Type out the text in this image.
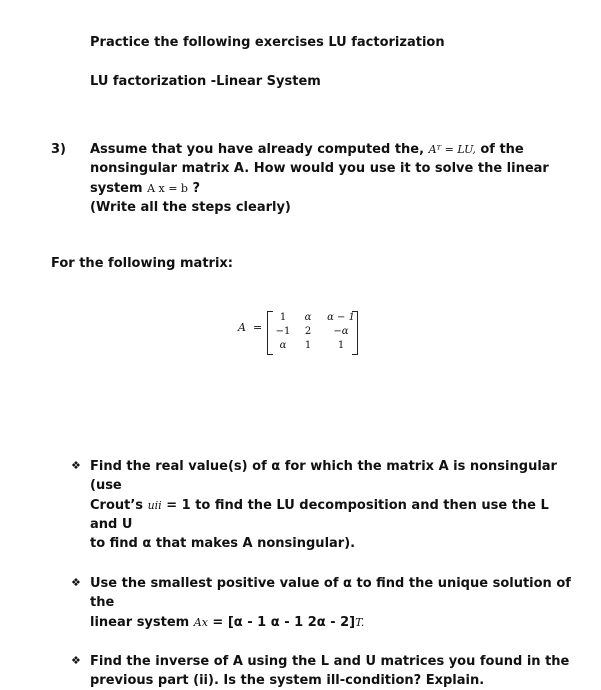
Practice the following exercises LU factorization
LU factorization -Linear System
3) Assume that you have already computed the, Aᵀ = LU, of the
nonsingular matrix A. How would you use it to solve the linear
system A x = b ?
(Write all the steps clearly)
For the following matrix:
A =
1	α	α − 1
−1	2	−α
α	1	1
❖ Find the real value(s) of α for which the matrix A is nonsingular
(use
Crout’s uii = 1 to find the LU decomposition and then use the L
and U
to find α that makes A nonsingular).
❖ Use the smallest positive value of α to find the unique solution of
the
linear system Ax = [α - 1 α - 1 2α - 2]T.
❖ Find the inverse of A using the L and U matrices you found in the
previous part (ii). Is the system ill-condition? Explain.
